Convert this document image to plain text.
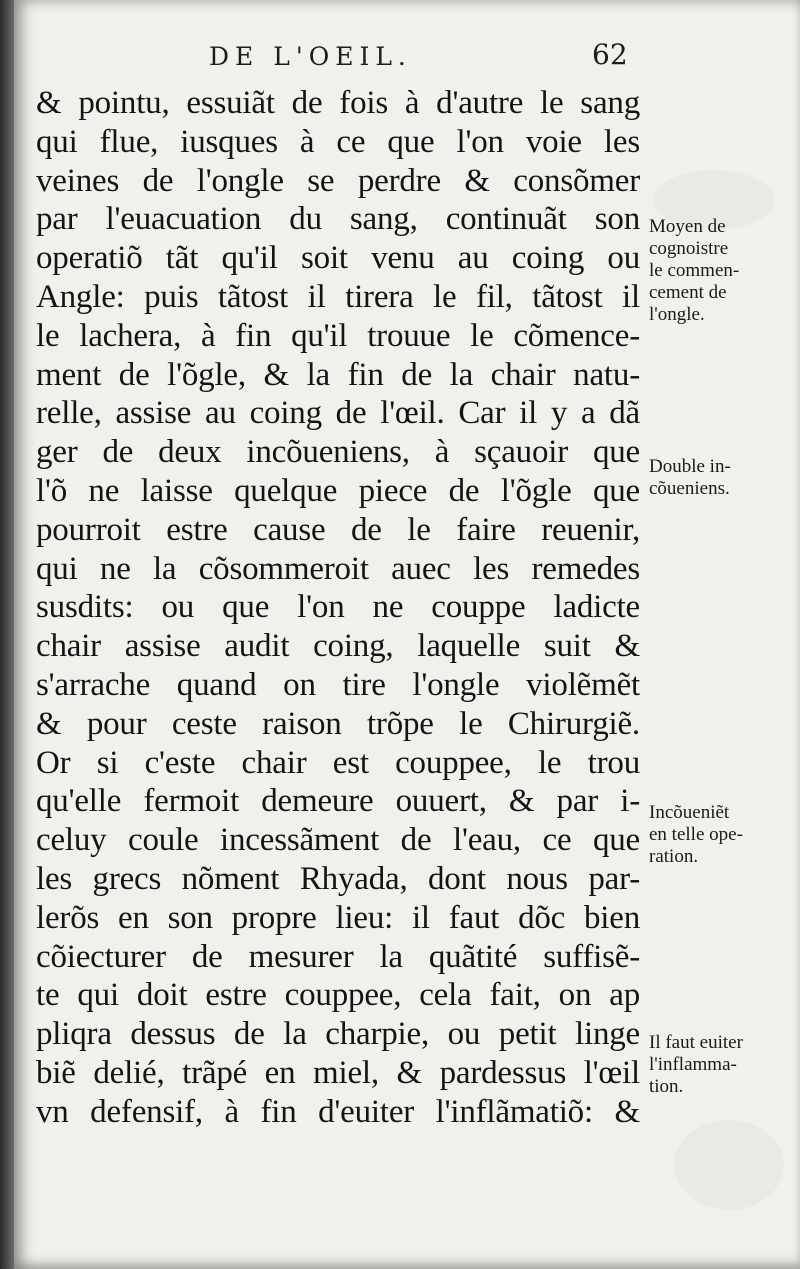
DE L'OEIL.	62
& pointu, essuiãt de fois à d'autre le sang
qui flue, iusques à ce que l'on voie les
veines de l'ongle se perdre & consõmer
par l'euacuation du sang, continuãt son
operatiõ tãt qu'il soit venu au coing ou
Angle: puis tãtost il tirera le fil, tãtost il
le lachera, à fin qu'il trouue le cõmence-
ment de l'õgle, & la fin de la chair natu-
relle, assise au coing de l'œil. Car il y a dã
ger de deux incõueniens, à sçauoir que
l'õ ne laisse quelque piece de l'õgle que
pourroit estre cause de le faire reuenir,
qui ne la cõsommeroit auec les remedes
susdits: ou que l'on ne couppe ladicte
chair assise audit coing, laquelle suit &
s'arrache quand on tire l'ongle violẽmẽt
& pour ceste raison trõpe le Chirurgiẽ.
Or si c'este chair est couppee, le trou
qu'elle fermoit demeure ouuert, & par i-
celuy coule incessãment de l'eau, ce que
les grecs nõment Rhyada, dont nous par-
lerõs en son propre lieu: il faut dõc bien
cõiecturer de mesurer la quãtité suffisẽ-
te qui doit estre couppee, cela fait, on ap
pliqra dessus de la charpie, ou petit linge
biẽ delié, trãpé en miel, & pardessus l'œil
vn defensif, à fin d'euiter l'inflãmatiõ: &
Moyen de
cognoistre
le commen-
cement de
l'ongle.
Double in-
cõueniens.
Incõueniẽt
en telle ope-
ration.
Il faut euiter
l'inflamma-
tion.
